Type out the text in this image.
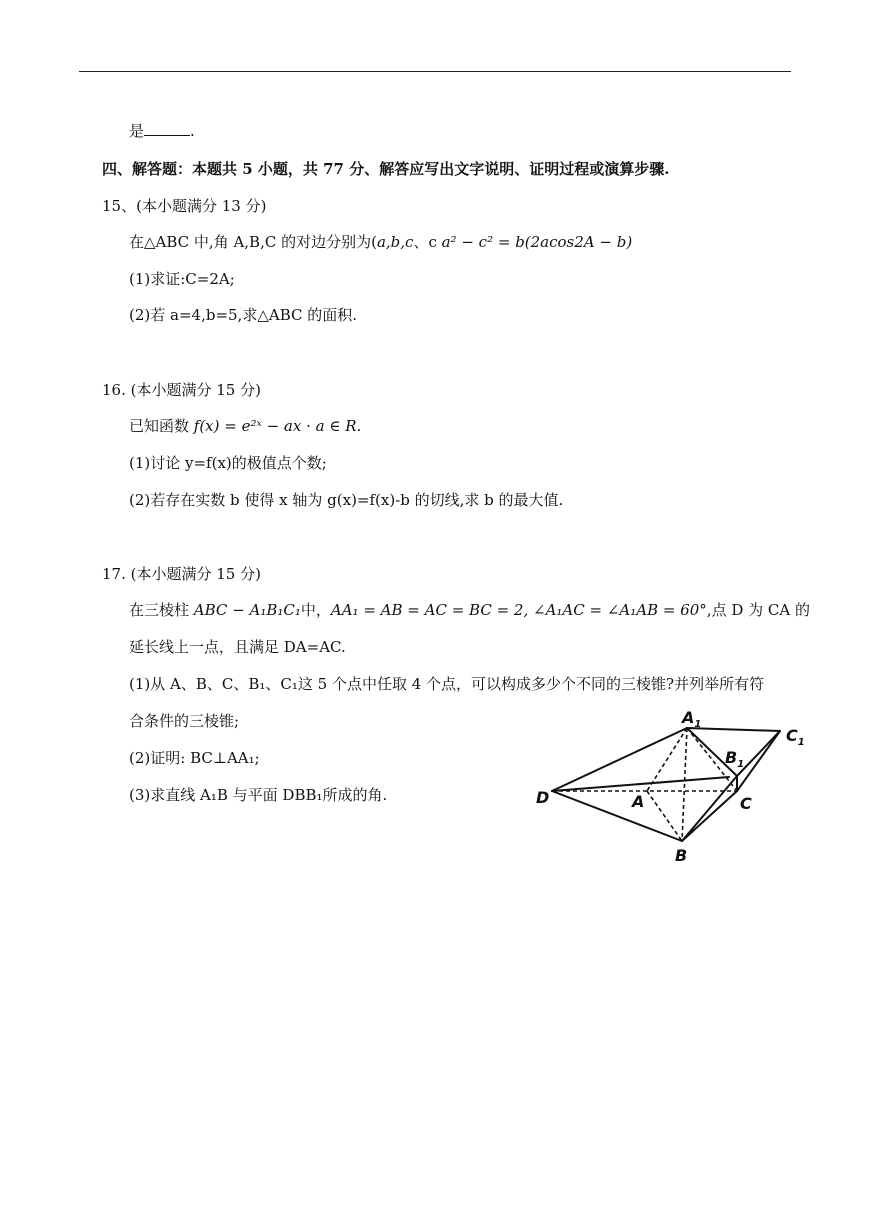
是	.
四、解答题：本题共 5 小题，共 77 分、解答应写出文字说明、证明过程或演算步骤.
15、(本小题满分 13 分)
在△ABC 中,角 A,B,C 的对边分别为(a,b,c、c a² − c² = b(2acos2A − b)
(1)求证:C=2A;
(2)若 a=4,b=5,求△ABC 的面积.
16. (本小题满分 15 分)
已知函数 f(x) = e²ˣ − ax · a ∈ R.
(1)讨论 y=f(x)的极值点个数;
(2)若存在实数 b 使得 x 轴为 g(x)=f(x)-b 的切线,求 b 的最大值.
17. (本小题满分 15 分)
在三棱柱 ABC − A₁B₁C₁中，AA₁ = AB = AC = BC = 2, ∠A₁AC = ∠A₁AB = 60°,点 D 为 CA 的
延长线上一点，且满足 DA=AC.
(1)从 A、B、C、B₁、C₁这 5 个点中任取 4 个点，可以构成多少个不同的三棱锥?并列举所有符
合条件的三棱锥;
(2)证明: BC⊥AA₁;
(3)求直线 A₁B 与平面 DBB₁所成的角.
$A_1$
$C_1$
$B_1$
D	A	C
B
